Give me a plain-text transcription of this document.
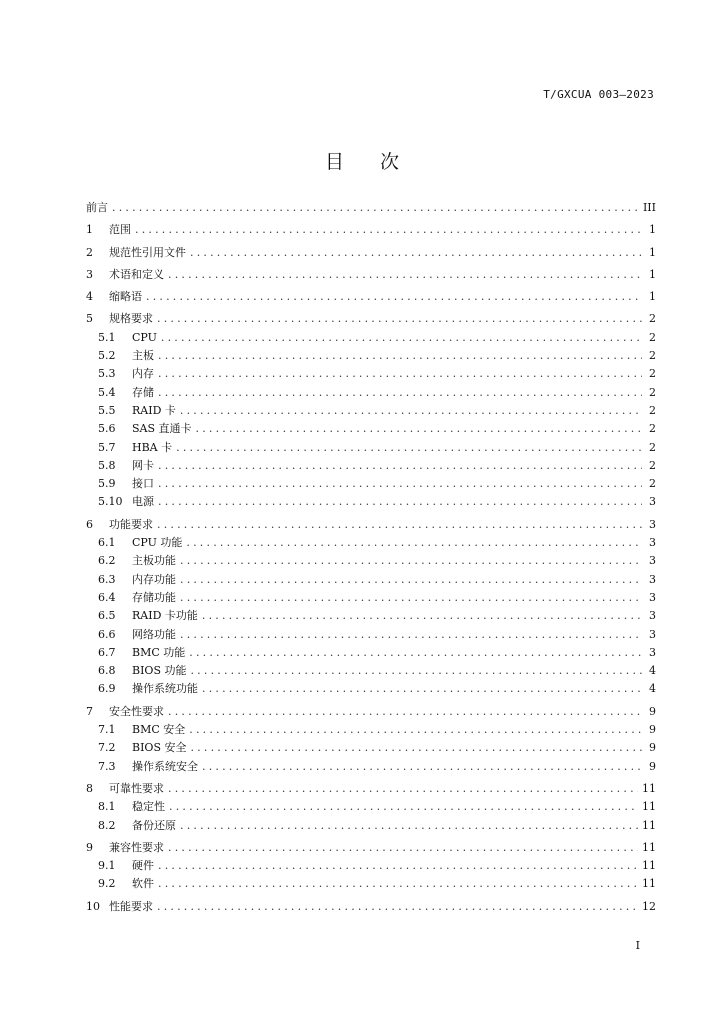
T/GXCUA 003—2023
目次
前言 .....	III
1	范围 .....	1
2	规范性引用文件 .....	1
3	术语和定义 .....	1
4	缩略语 .....	1
5	规格要求 .....	2
5.1	CPU .....	2
5.2	主板 .....	2
5.3	内存 .....	2
5.4	存储 .....	2
5.5	RAID 卡 .....	2
5.6	SAS 直通卡 .....	2
5.7	HBA 卡 .....	2
5.8	网卡 .....	2
5.9	接口 .....	2
5.10 电源 .....	3
6	功能要求 .....	3
6.1	CPU 功能 .....	3
6.2	主板功能 .....	3
6.3	内存功能 .....	3
6.4	存储功能 .....	3
6.5	RAID 卡功能 .....	3
6.6	网络功能 .....	3
6.7	BMC 功能 .....	3
6.8	BIOS 功能 .....	4
6.9	操作系统功能 .....	4
7	安全性要求 .....	9
7.1	BMC 安全 .....	9
7.2	BIOS 安全 .....	9
7.3	操作系统安全 .....	9
8	可靠性要求 .....	11
8.1	稳定性 .....	11
8.2	备份还原 .....	11
9	兼容性要求 .....	11
9.1	硬件 .....	11
9.2	软件 .....	11
10 性能要求 .....	12
I
